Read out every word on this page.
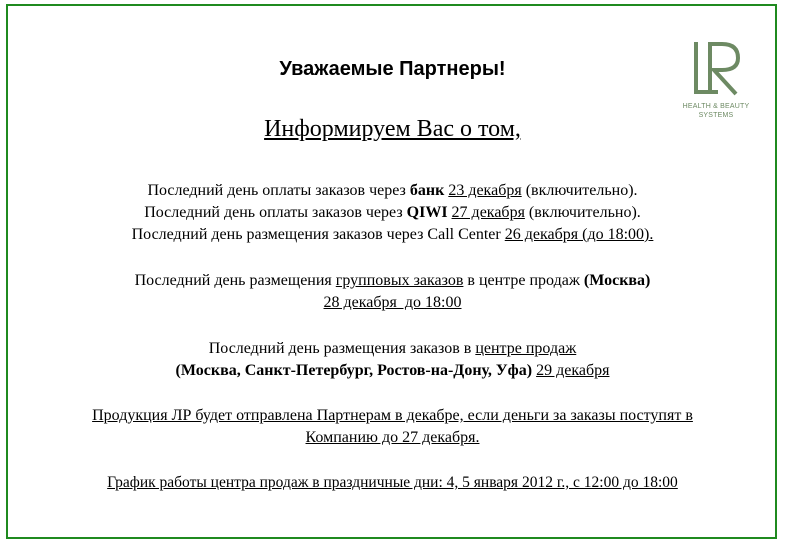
HEALTH & BEAUTY
SYSTEMS
Уважаемые Партнеры!
Информируем Вас о том,
Последний день оплаты заказов через банк 23 декабря (включительно).
Последний день оплаты заказов через QIWI 27 декабря (включительно).
Последний день размещения заказов через Call Center 26 декабря (до 18:00).
Последний день размещения групповых заказов в центре продаж (Москва)
28 декабря  до 18:00
Последний день размещения заказов в центре продаж
(Москва, Санкт-Петербург, Ростов-на-Дону, Уфа) 29 декабря
Продукция ЛР будет отправлена Партнерам в декабре, если деньги за заказы поступят в
Компанию до 27 декабря.
График работы центра продаж в праздничные дни: 4, 5 января 2012 г., с 12:00 до 18:00
